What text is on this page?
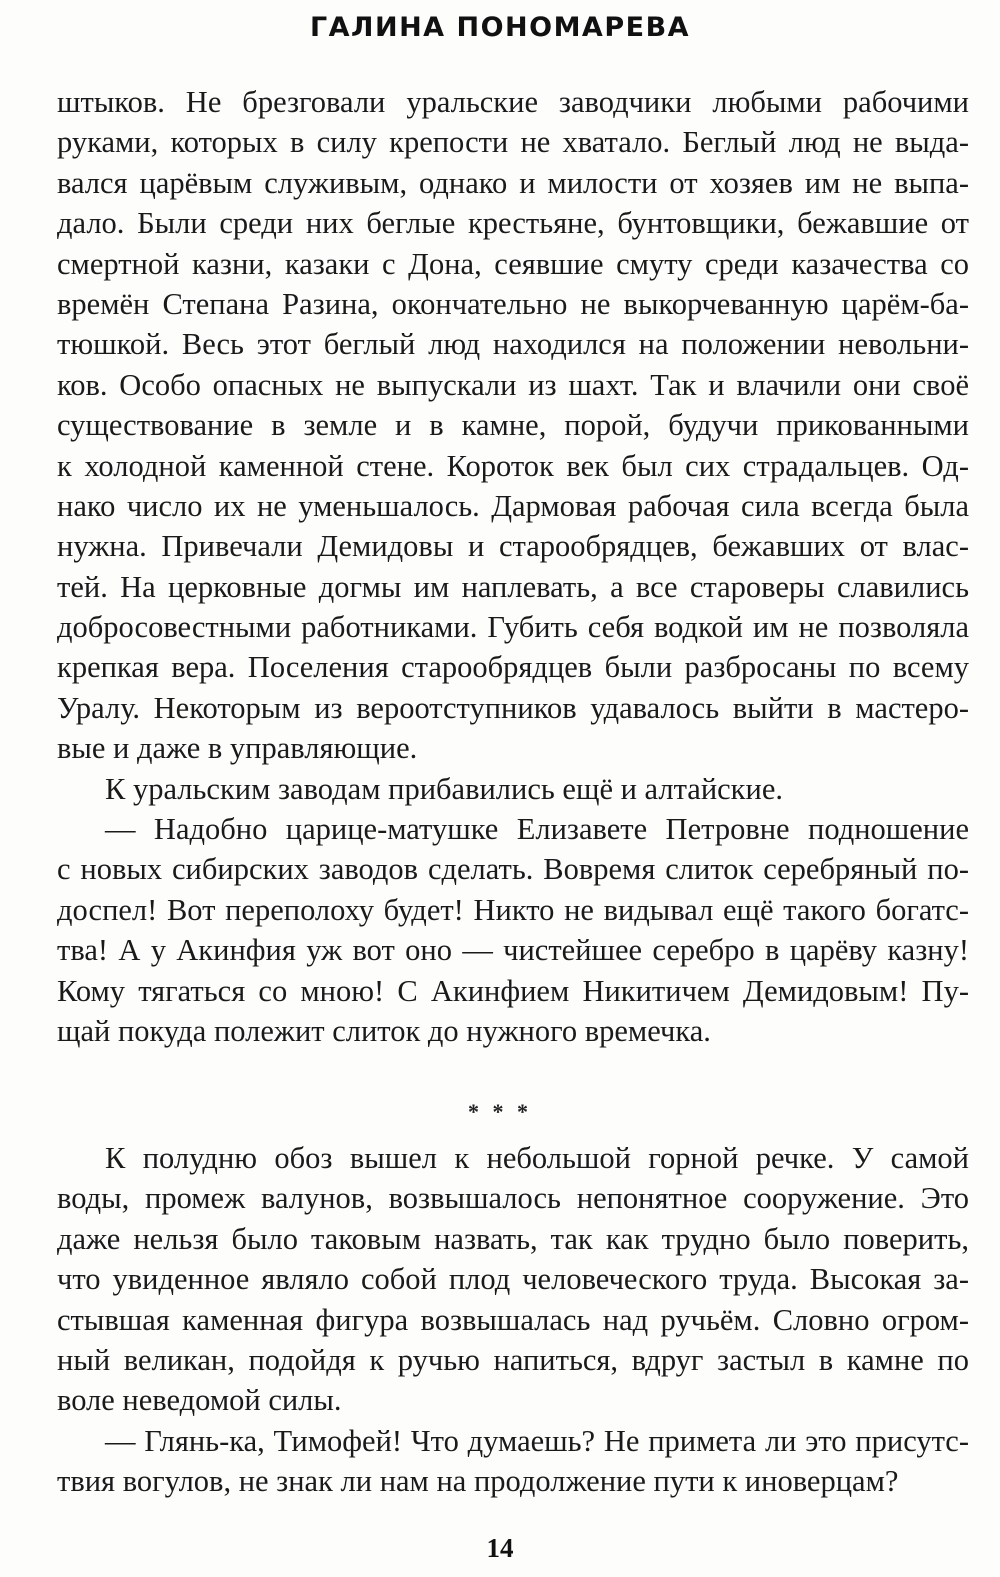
ГАЛИНА ПОНОМАРЕВА
штыков. Не брезговали уральские заводчики любыми рабочими
руками, которых в силу крепости не хватало. Беглый люд не выда-
вался царёвым служивым, однако и милости от хозяев им не выпа-
дало. Были среди них беглые крестьяне, бунтовщики, бежавшие от
смертной казни, казаки с Дона, сеявшие смуту среди казачества со
времён Степана Разина, окончательно не выкорчеванную царём-ба-
тюшкой. Весь этот беглый люд находился на положении невольни-
ков. Особо опасных не выпускали из шахт. Так и влачили они своё
существование в земле и в камне, порой, будучи прикованными
к холодной каменной стене. Короток век был сих страдальцев. Од-
нако число их не уменьшалось. Дармовая рабочая сила всегда была
нужна. Привечали Демидовы и старообрядцев, бежавших от влас-
тей. На церковные догмы им наплевать, а все староверы славились
добросовестными работниками. Губить себя водкой им не позволяла
крепкая вера. Поселения старообрядцев были разбросаны по всему
Уралу. Некоторым из вероотступников удавалось выйти в мастеро-
вые и даже в управляющие.
К уральским заводам прибавились ещё и алтайские.
— Надобно царице-матушке Елизавете Петровне подношение
с новых сибирских заводов сделать. Вовремя слиток серебряный по-
доспел! Вот переполоху будет! Никто не видывал ещё такого богатс-
тва! А у Акинфия уж вот оно — чистейшее серебро в царёву казну!
Кому тягаться со мною! С Акинфием Никитичем Демидовым! Пу-
щай покуда полежит слиток до нужного времечка.
* * *
К полудню обоз вышел к небольшой горной речке. У самой
воды, промеж валунов, возвышалось непонятное сооружение. Это
даже нельзя было таковым назвать, так как трудно было поверить,
что увиденное являло собой плод человеческого труда. Высокая за-
стывшая каменная фигура возвышалась над ручьём. Словно огром-
ный великан, подойдя к ручью напиться, вдруг застыл в камне по
воле неведомой силы.
— Глянь-ка, Тимофей! Что думаешь? Не примета ли это присутс-
твия вогулов, не знак ли нам на продолжение пути к иноверцам?
14
